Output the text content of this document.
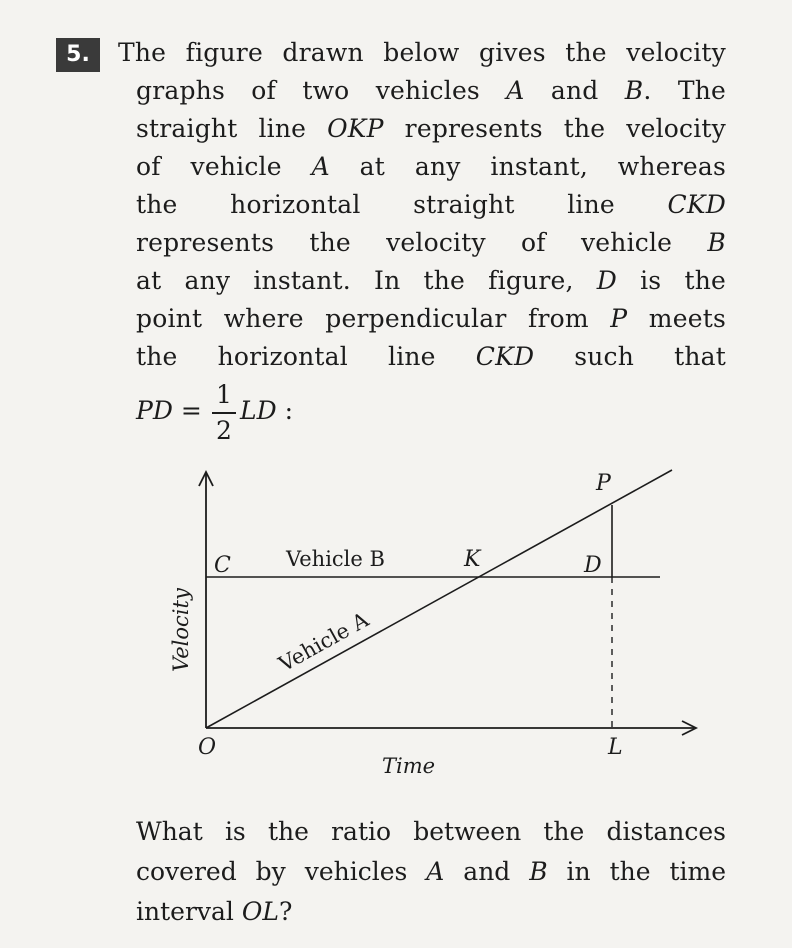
5.	The figure drawn below gives the velocity
graphs of two vehicles A and B. The
straight line OKP represents the velocity
of vehicle A at any instant, whereas
the horizontal straight line CKD
represents the velocity of vehicle B
at any instant. In the figure, D is the
point where perpendicular from P meets
the horizontal line CKD such that
PD =
1
2
LD :
C	Vehicle B	K	D
P
O	L
Time
Velocity	Vehicle A
What is the ratio between the distances
covered by vehicles A and B in the time
interval OL?
